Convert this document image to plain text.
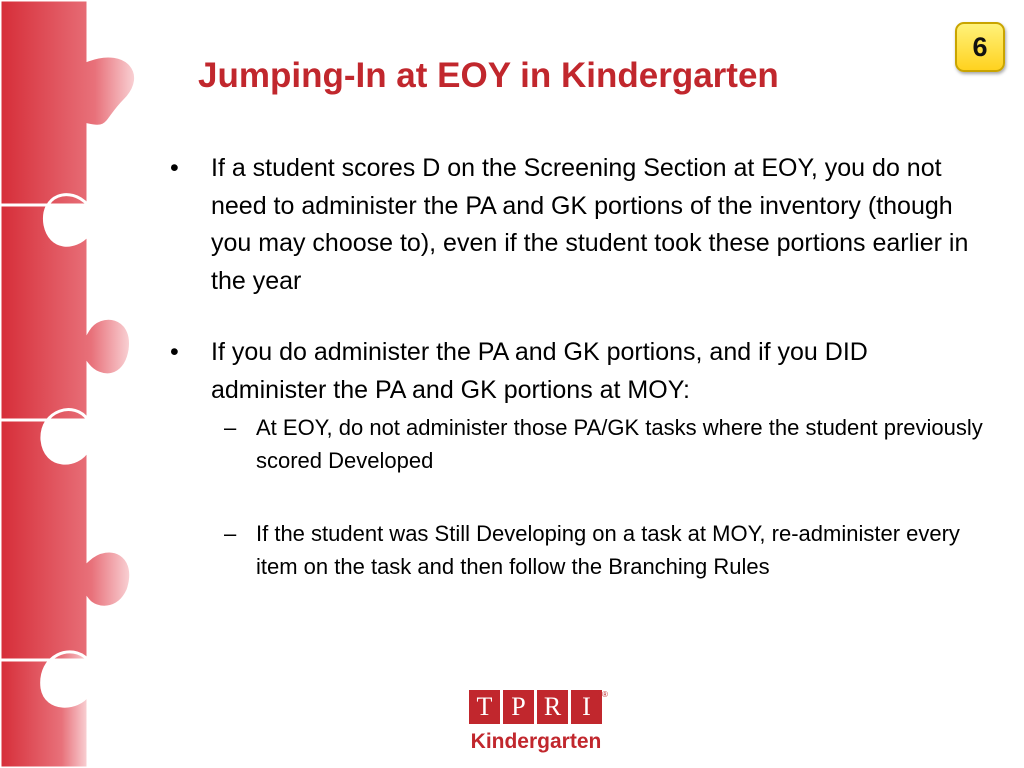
Jumping-In at EOY in Kindergarten
6
• If a student scores D on the Screening Section at EOY, you do not need to administer the PA and GK portions of the inventory (though you may choose to), even if the student took these portions earlier in the year
• If you do administer the PA and GK portions, and if you DID administer the PA and GK portions at MOY:
– At EOY, do not administer those PA/GK tasks where the student previously scored Developed
– If the student was Still Developing on a task at MOY, re-administer every item on the task and then follow the Branching Rules
T P R I	®
Kindergarten
